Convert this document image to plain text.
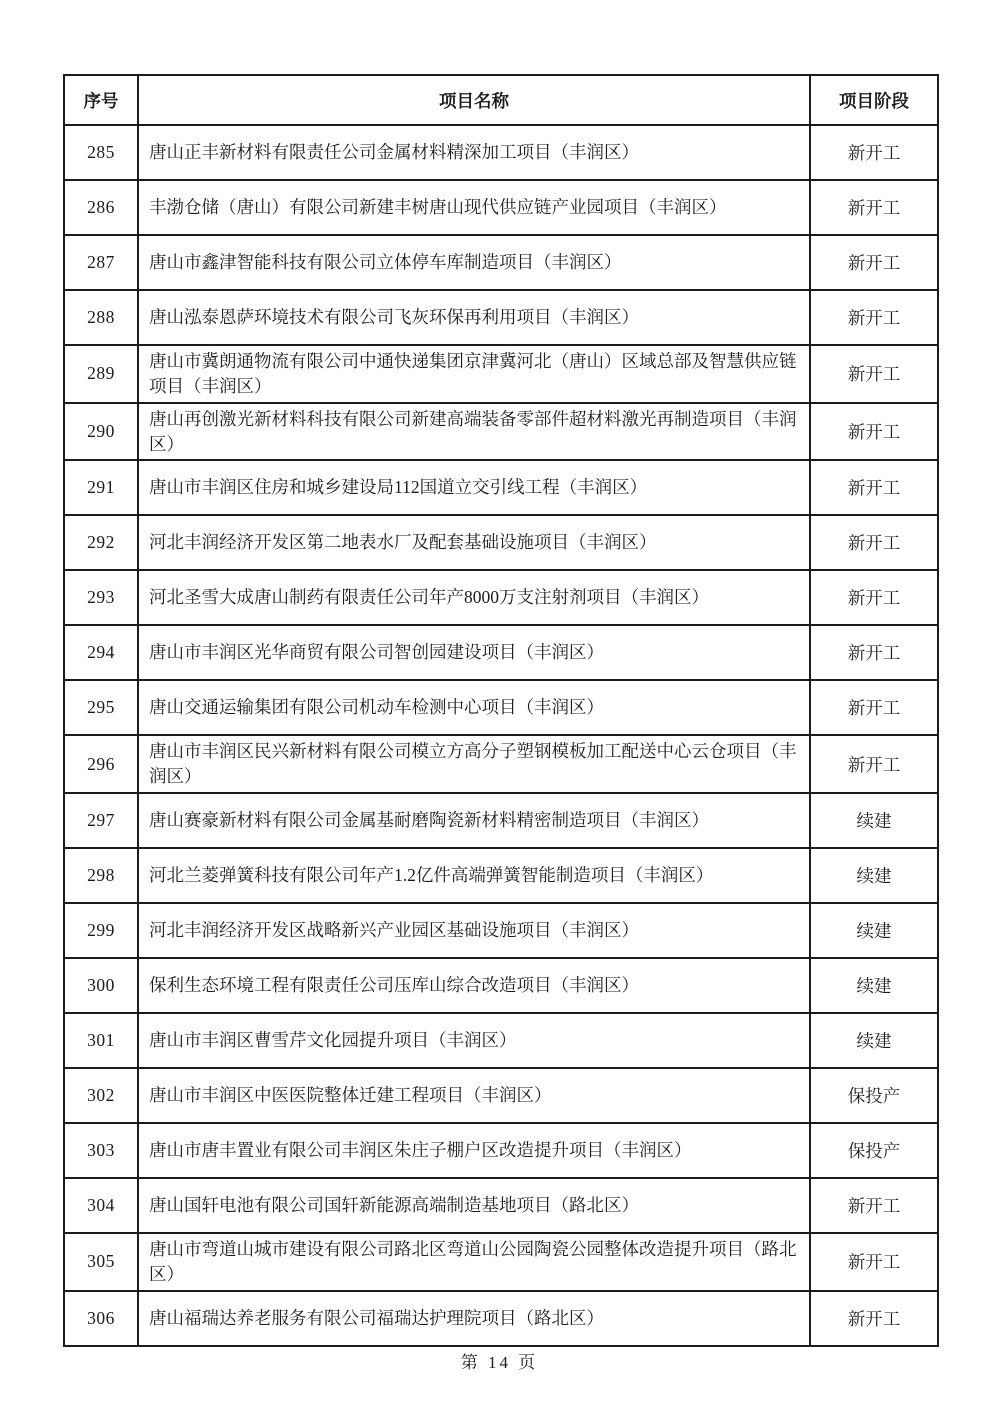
序号	项目名称	项目阶段
285	唐山正丰新材料有限责任公司金属材料精深加工项目（丰润区）	新开工
286	丰渤仓储（唐山）有限公司新建丰树唐山现代供应链产业园项目（丰润区）	新开工
287	唐山市鑫津智能科技有限公司立体停车库制造项目（丰润区）	新开工
288	唐山泓泰恩萨环境技术有限公司飞灰环保再利用项目（丰润区）	新开工
289	唐山市冀朗通物流有限公司中通快递集团京津冀河北（唐山）区域总部及智慧供应链项目（丰润区）	新开工
290	唐山再创激光新材料科技有限公司新建高端装备零部件超材料激光再制造项目（丰润区）	新开工
291	唐山市丰润区住房和城乡建设局112国道立交引线工程（丰润区）	新开工
292	河北丰润经济开发区第二地表水厂及配套基础设施项目（丰润区）	新开工
293	河北圣雪大成唐山制药有限责任公司年产8000万支注射剂项目（丰润区）	新开工
294	唐山市丰润区光华商贸有限公司智创园建设项目（丰润区）	新开工
295	唐山交通运输集团有限公司机动车检测中心项目（丰润区）	新开工
296	唐山市丰润区民兴新材料有限公司模立方高分子塑钢模板加工配送中心云仓项目（丰润区）	新开工
297	唐山赛豪新材料有限公司金属基耐磨陶瓷新材料精密制造项目（丰润区）	续建
298	河北兰菱弹簧科技有限公司年产1.2亿件高端弹簧智能制造项目（丰润区）	续建
299	河北丰润经济开发区战略新兴产业园区基础设施项目（丰润区）	续建
300	保利生态环境工程有限责任公司压库山综合改造项目（丰润区）	续建
301	唐山市丰润区曹雪芹文化园提升项目（丰润区）	续建
302	唐山市丰润区中医医院整体迁建工程项目（丰润区）	保投产
303	唐山市唐丰置业有限公司丰润区朱庄子棚户区改造提升项目（丰润区）	保投产
304	唐山国轩电池有限公司国轩新能源高端制造基地项目（路北区）	新开工
305	唐山市弯道山城市建设有限公司路北区弯道山公园陶瓷公园整体改造提升项目（路北区）	新开工
306	唐山福瑞达养老服务有限公司福瑞达护理院项目（路北区）	新开工
第 14 页
